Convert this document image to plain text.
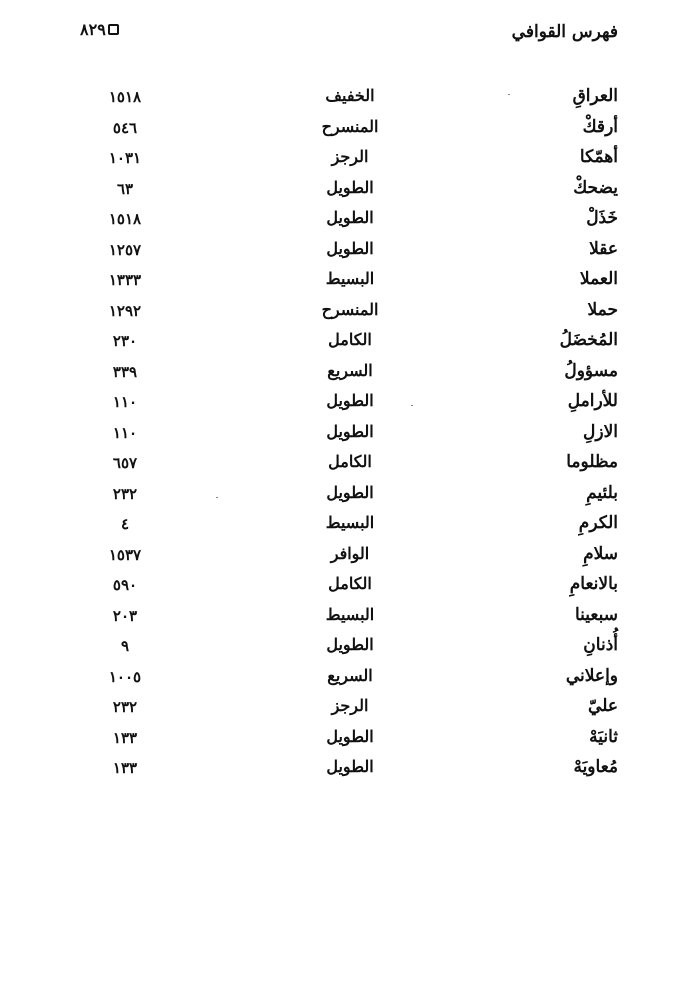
فهرس القوافي
٨٢٩
العراقِ
الخفيف
١٥١٨
أرقكْ
المنسرح
٥٤٦
أهمّكا
الرجز
١٠٣١
يضحكْ
الطويل
٦٣
خَذَلْ
الطويل
١٥١٨
عقلا
الطويل
١٢٥٧
العملا
البسيط
١٣٣٣
حملا
المنسرح
١٢٩٢
المُخضَلُ
الكامل
٢٣٠
مسؤولُ
السريع
٣٣٩
للأراملِ
الطويل
١١٠
الازلِ
الطويل
١١٠
مظلوما
الكامل
٦٥٧
بلئيمِ
الطويل
٢٣٢
الكرمِ
البسيط
٤
سلامِ
الوافر
١٥٣٧
بالانعامِ
الكامل
٥٩٠
سبعينا
البسيط
٢٠٣
أُذنانِ
الطويل
٩
وإعلاني
السريع
١٠٠٥
عليّ
الرجز
٢٣٢
ثانيَهْ
الطويل
١٣٣
مُعاويَهْ
الطويل
١٣٣
